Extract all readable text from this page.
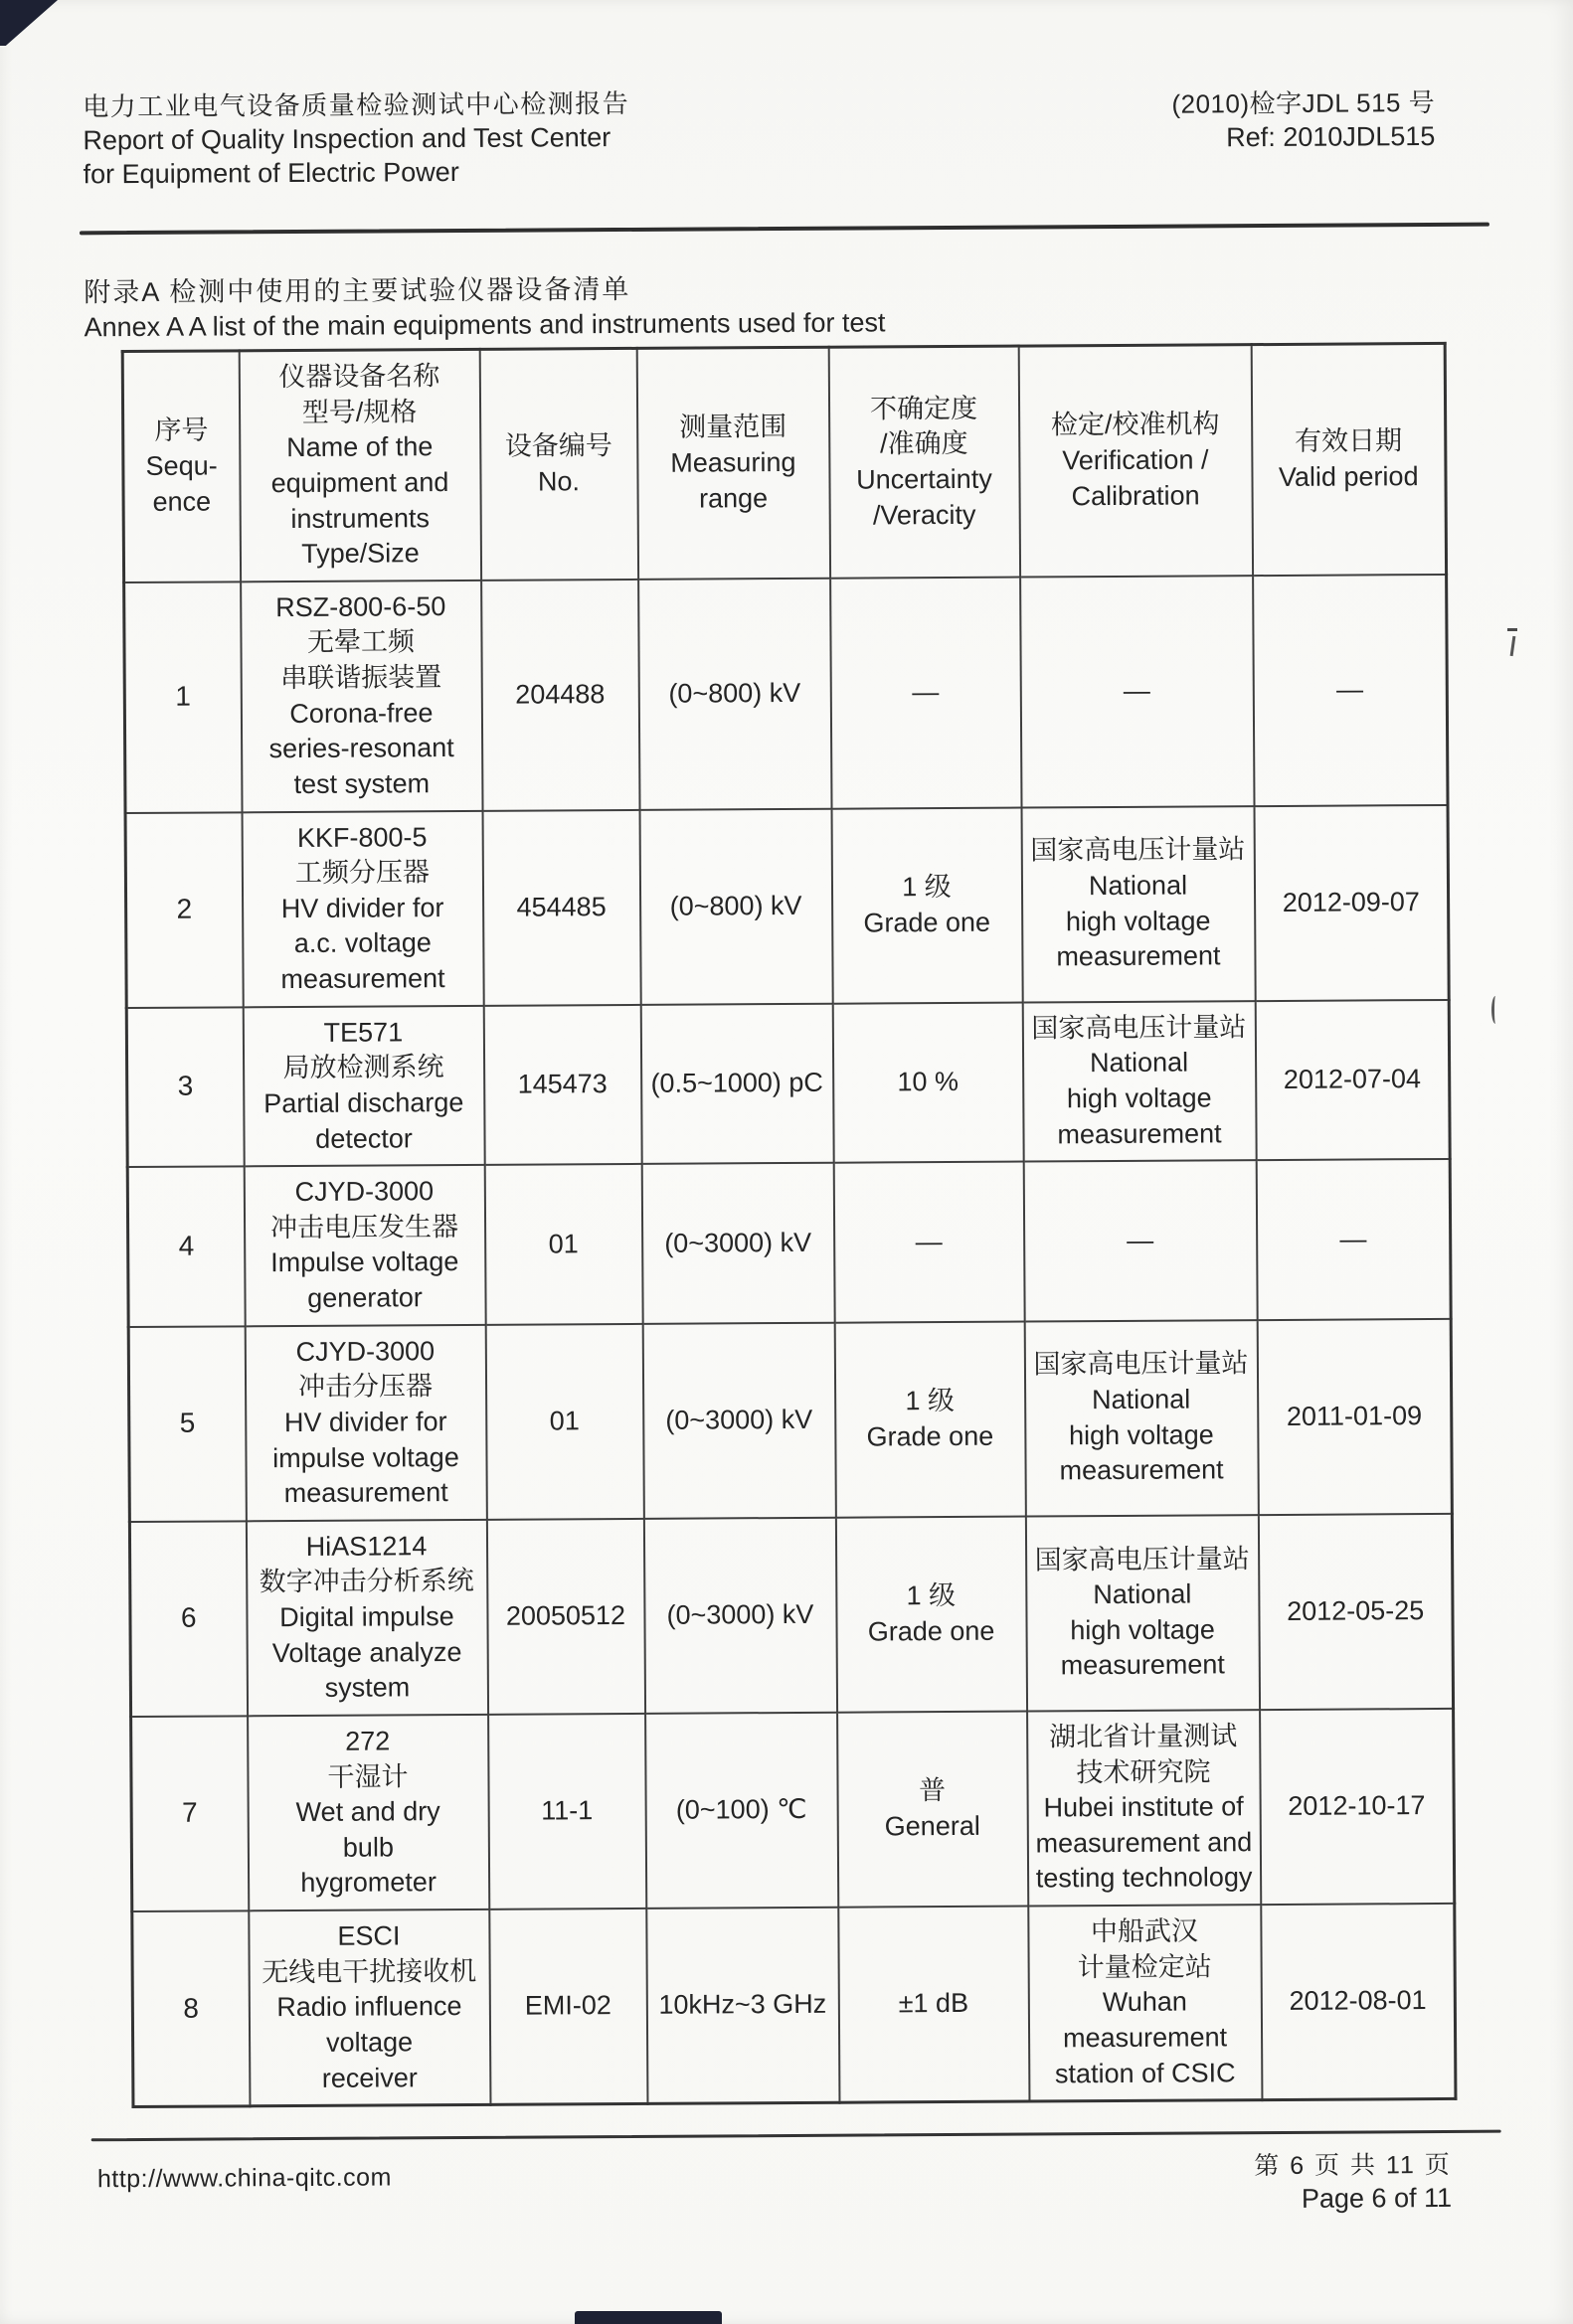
电力工业电气设备质量检验测试中心检测报告
Report of Quality Inspection and Test Center
for Equipment of Electric Power
(2010)检字JDL 515 号
Ref: 2010JDL515
附录A 检测中使用的主要试验仪器设备清单
Annex A A list of the main equipments and instruments used for test
序号
Sequ-
ence	仪器设备名称
型号/规格
Name of the
equipment and
instruments
Type/Size	设备编号
No.	测量范围
Measuring
range	不确定度
/准确度
Uncertainty
/Veracity	检定/校准机构
Verification /
Calibration	有效日期
Valid period
1	RSZ-800-6-50
无晕工频
串联谐振装置
Corona-free
series-resonant
test system	204488	(0~800) kV	—	—	—
2	KKF-800-5
工频分压器
HV divider for
a.c. voltage
measurement	454485	(0~800) kV	1 级
Grade one	国家高电压计量站
National
high voltage
measurement	2012-09-07
3	TE571
局放检测系统
Partial discharge
detector	145473	(0.5~1000) pC	10 %	国家高电压计量站
National
high voltage
measurement	2012-07-04
4	CJYD-3000
冲击电压发生器
Impulse voltage
generator	01	(0~3000) kV	—	—	—
5	CJYD-3000
冲击分压器
HV divider for
impulse voltage
measurement	01	(0~3000) kV	1 级
Grade one	国家高电压计量站
National
high voltage
measurement	2011-01-09
6	HiAS1214
数字冲击分析系统
Digital impulse
Voltage analyze
system	20050512	(0~3000) kV	1 级
Grade one	国家高电压计量站
National
high voltage
measurement	2012-05-25
7	272
干湿计
Wet and dry
bulb
hygrometer	11-1	(0~100) ℃	普
General	湖北省计量测试
技术研究院
Hubei institute of
measurement and
testing technology	2012-10-17
8	ESCI
无线电干扰接收机
Radio influence
voltage
receiver	EMI-02	10kHz~3 GHz	±1 dB	中船武汉
计量检定站
Wuhan
measurement
station of CSIC	2012-08-01
http://www.china-qitc.com	第 6 页 共 11 页
Page 6 of 11
